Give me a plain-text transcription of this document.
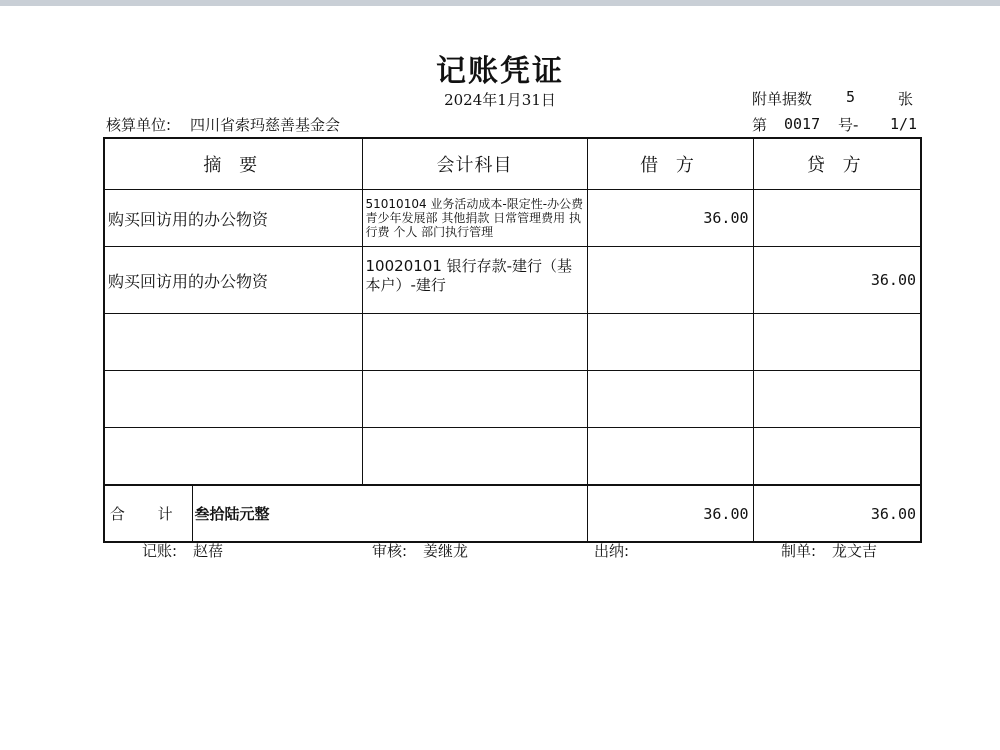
记账凭证
2024年1月31日	附单据数 5	张
核算单位: 四川省索玛慈善基金会	第 0017 号- 1/1
摘 要		会计科目	借 方	贷 方
购买回访用的办公物资		51010104 业务活动成本-限定性-办公费 青少年发展部 其他捐款 日常管理费用 执行费 个人 部门执行管理	36.00	
购买回访用的办公物资		10020101 银行存款-建行（基本户）-建行		36.00

合 计	叁拾陆元整		36.00	36.00
记账: 赵蓓	审核: 姜继龙	出纳:	制单: 龙文吉
